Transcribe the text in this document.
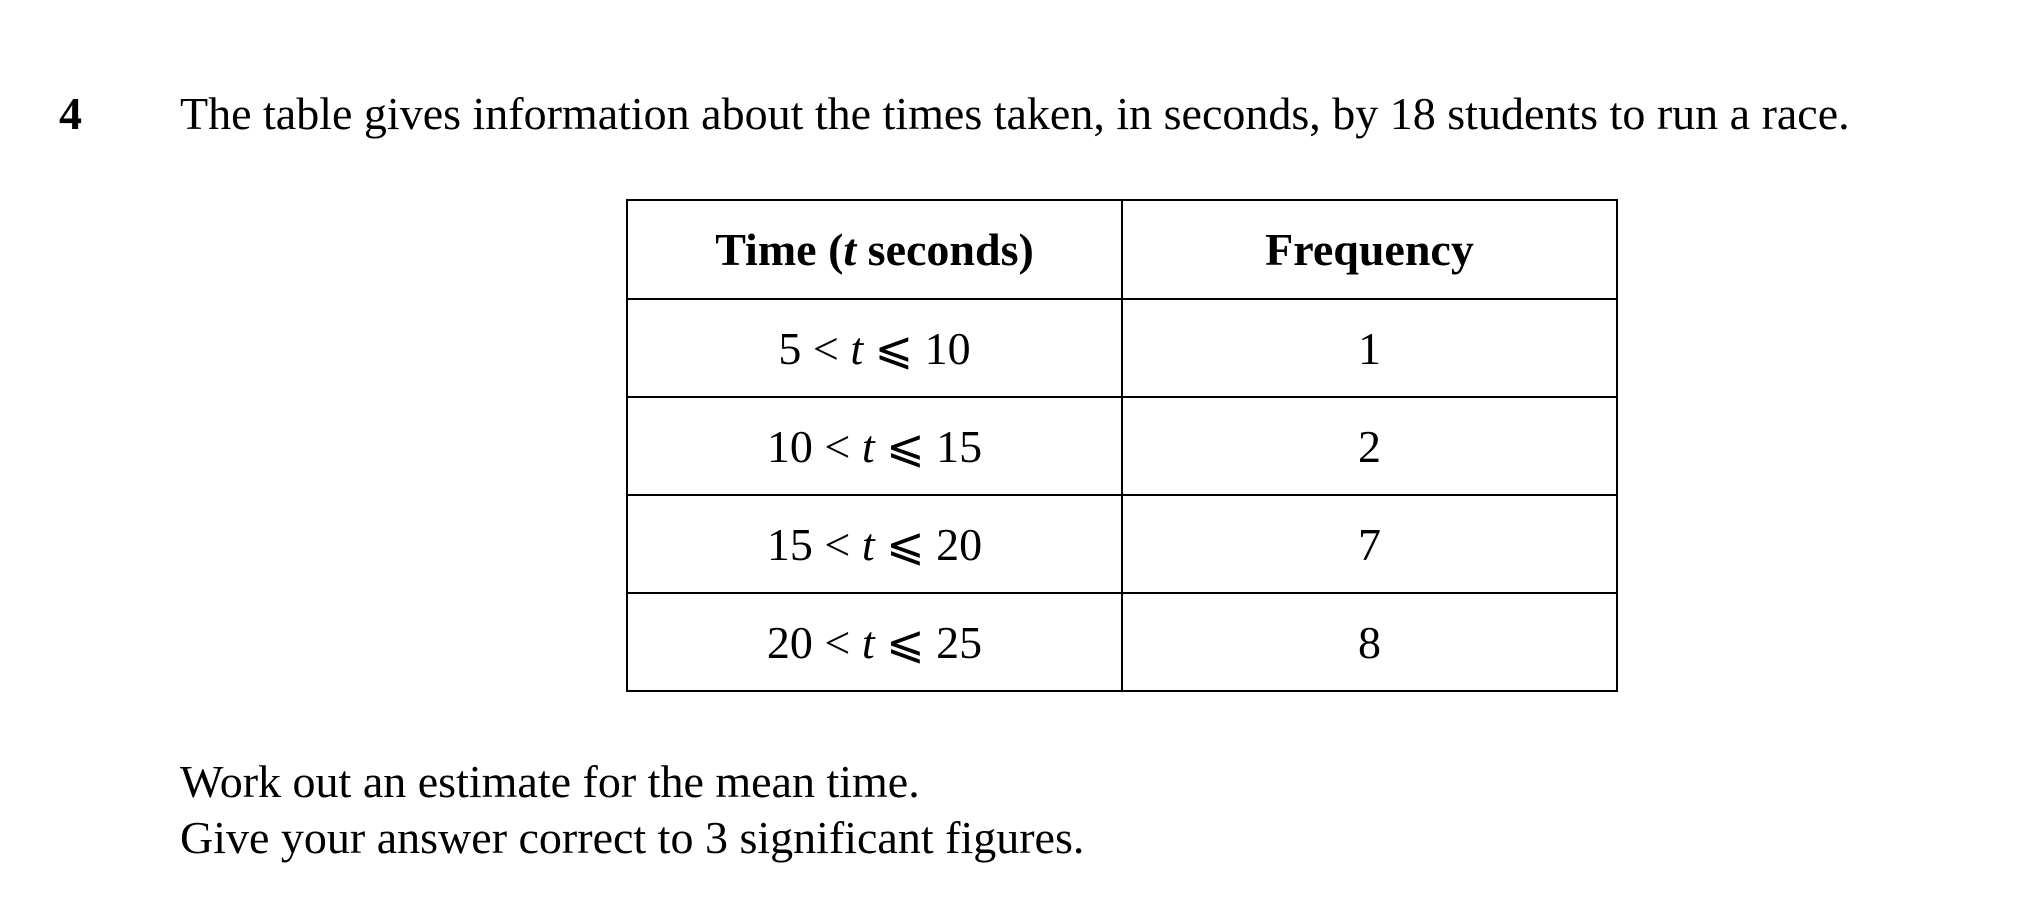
4 The table gives information about the times taken, in seconds, by 18 students to run a race.
Time (t seconds)	Frequency
5 < t ⩽ 10	1
10 < t ⩽ 15	2
15 < t ⩽ 20	7
20 < t ⩽ 25	8
Work out an estimate for the mean time.
Give your answer correct to 3 significant figures.
